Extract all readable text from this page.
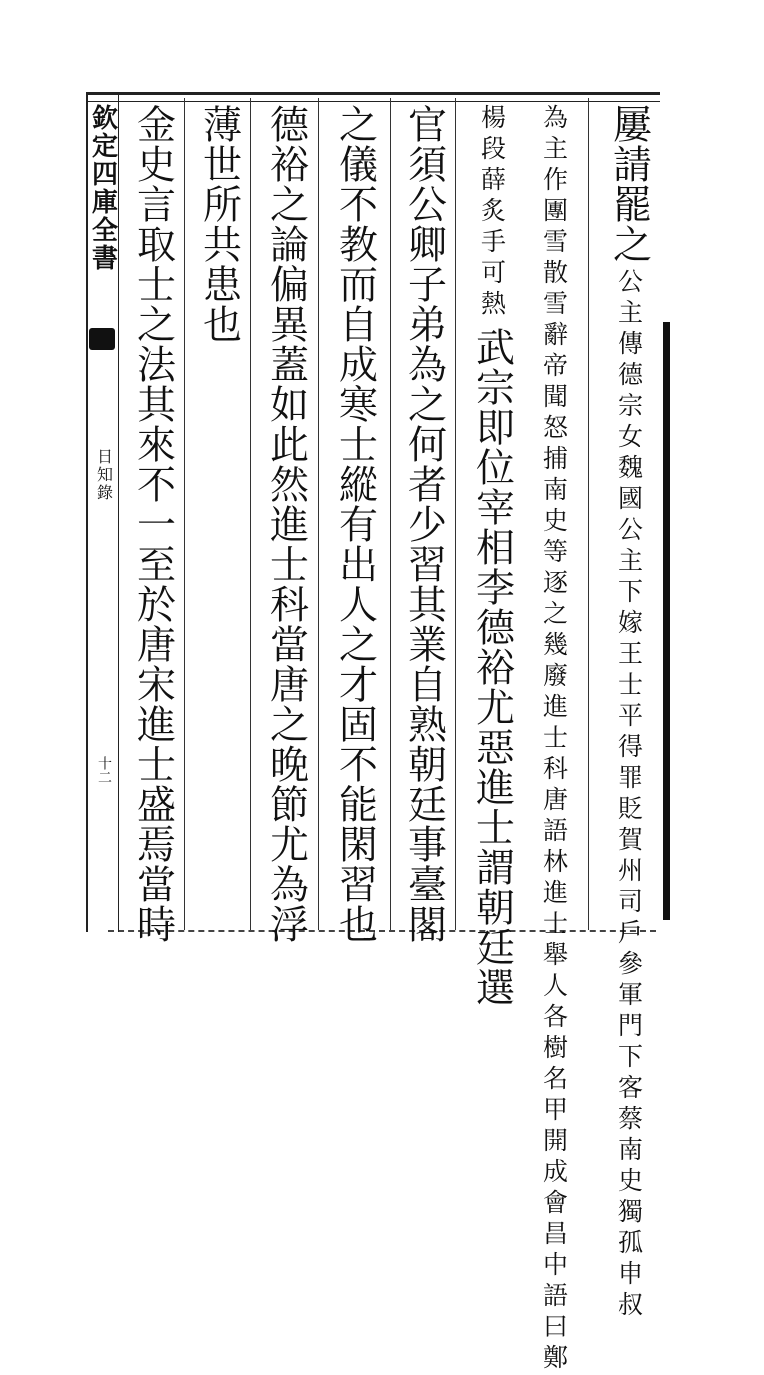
欽定四庫全書
日知錄
十二
屢請罷之
公主傳德宗女魏國公主下嫁王士平得罪貶賀州司戶參軍門下客蔡南史獨孤申叔
為主作團雪散雪辭帝聞怒捕南史等逐之幾廢進士科唐語林進士舉人各樹名甲開成會昌中語曰鄭
楊段薛炙手可熱
武宗即位宰相李德裕尤惡進士謂朝廷選
官須公卿子弟為之何者少習其業自熟朝廷事臺閣
之儀不教而自成寒士縱有出人之才固不能閑習也
德裕之論偏異蓋如此然進士科當唐之晚節尤為浮
薄世所共患也
金史言取士之法其來不一至於唐宋進士盛焉當時
